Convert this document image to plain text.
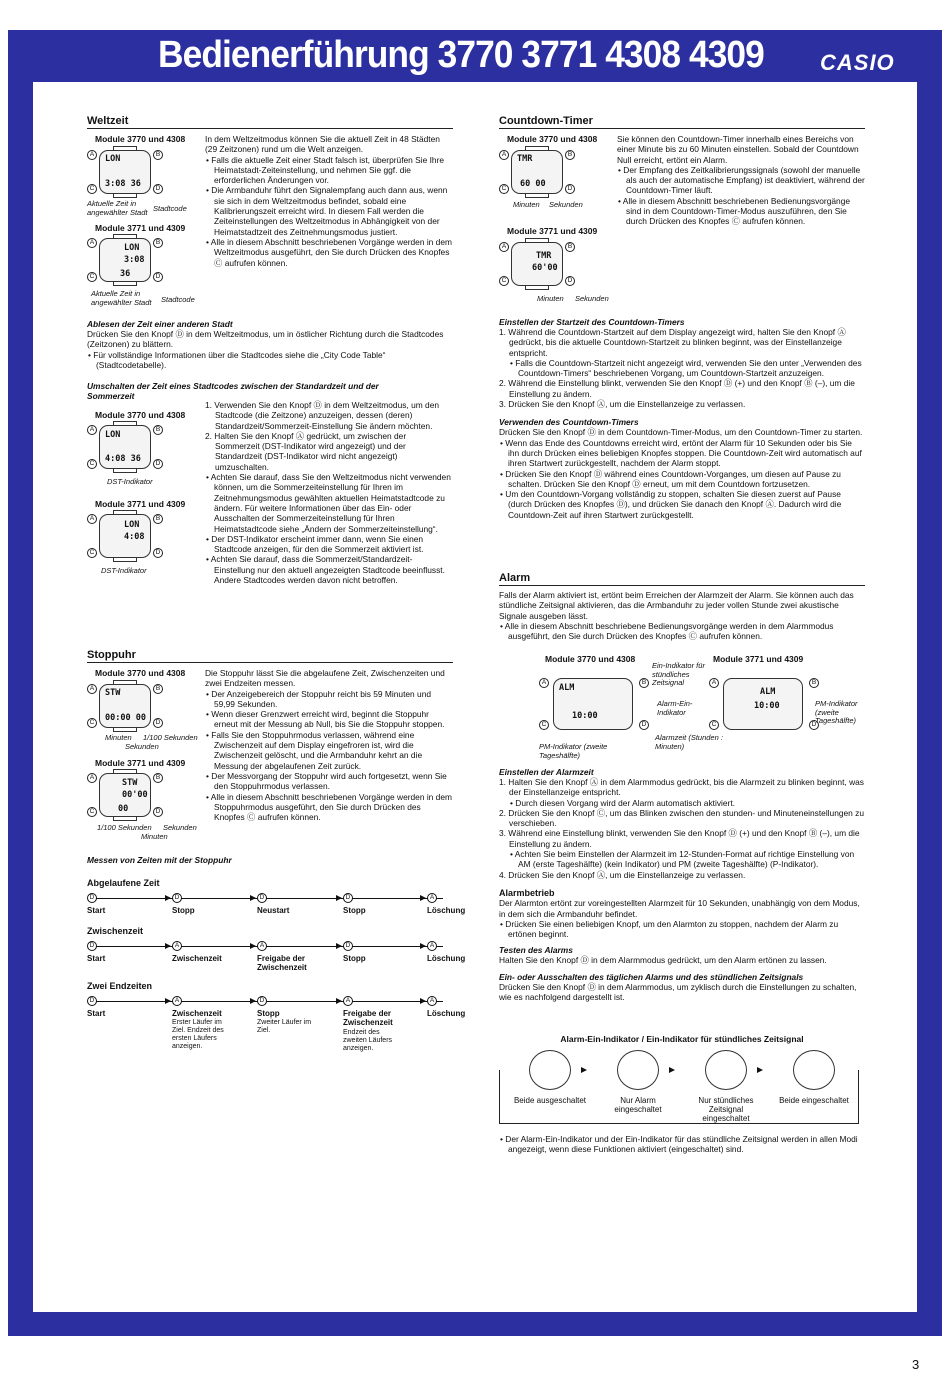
Bedienerführung 3770 3771 4308 4309	CASIO
Weltzeit
Module 3770 und 4308
LON
3:08 36
A	B
C	D
Aktuelle Zeit in angewählter Stadt Stadtcode
Module 3771 und 4309
LON
3:08
36
A	B
C	D
Aktuelle Zeit in angewählter Stadt	Stadtcode
In dem Weltzeitmodus können Sie die aktuell Zeit in 48 Städten (29 Zeitzonen) rund um die Welt anzeigen.
• Falls die aktuelle Zeit einer Stadt falsch ist, überprüfen Sie Ihre Heimatstadt-Zeiteinstellung, und nehmen Sie ggf. die erforderlichen Änderungen vor.
• Die Armbanduhr führt den Signalempfang auch dann aus, wenn sie sich in dem Weltzeitmodus befindet, sobald eine Kalibrierungszeit erreicht wird. In diesem Fall werden die Zeiteinstellungen des Weltzeitmodus in Abhängigkeit von der Heimatstadtzeit des Zeitnehmungsmodus justiert.
• Alle in diesem Abschnitt beschriebenen Vorgänge werden in dem Weltzeitmodus ausgeführt, den Sie durch Drücken des Knopfes Ⓒ aufrufen können.
Ablesen der Zeit einer anderen Stadt
Drücken Sie den Knopf Ⓓ in dem Weltzeitmodus, um in östlicher Richtung durch die Stadtcodes (Zeitzonen) zu blättern.
• Für vollständige Informationen über die Stadtcodes siehe die „City Code Table“ (Stadtcodetabelle).
Umschalten der Zeit eines Stadtcodes zwischen der Standardzeit und der Sommerzeit
Module 3770 und 4308
LON
4:08 36
A	B
C	D
DST-Indikator
Module 3771 und 4309
LON
4:08
A	B
C	D
DST-Indikator
1. Verwenden Sie den Knopf Ⓓ in dem Weltzeitmodus, um den Stadtcode (die Zeitzone) anzuzeigen, dessen (deren) Standardzeit/Sommerzeit-Einstellung Sie ändern möchten.
2. Halten Sie den Knopf Ⓐ gedrückt, um zwischen der Sommerzeit (DST-Indikator wird angezeigt) und der Standardzeit (DST-Indikator wird nicht angezeigt) umzuschalten.
• Achten Sie darauf, dass Sie den Weltzeitmodus nicht verwenden können, um die Sommerzeiteinstellung für Ihren im Zeitnehmungsmodus gewählten aktuellen Heimatstadtcode zu ändern. Für weitere Informationen über das Ein- oder Ausschalten der Sommerzeiteinstellung für Ihren Heimatstadtcode siehe „Ändern der Sommerzeiteinstellung“.
• Der DST-Indikator erscheint immer dann, wenn Sie einen Stadtcode anzeigen, für den die Sommerzeit aktiviert ist.
• Achten Sie darauf, dass die Sommerzeit/Standardzeit-Einstellung nur den aktuell angezeigten Stadtcode beeinflusst. Andere Stadtcodes werden davon nicht betroffen.
Stoppuhr
Module 3770 und 4308
STW
00:00 00
A	B
C	D
Minuten 1/100 Sekunden
Sekunden
Module 3771 und 4309
STW
00'00
00
A	B
C	D
1/100 Sekunden Sekunden
Minuten
Die Stoppuhr lässt Sie die abgelaufene Zeit, Zwischenzeiten und zwei Endzeiten messen.
• Der Anzeigebereich der Stoppuhr reicht bis 59 Minuten und 59,99 Sekunden.
• Wenn dieser Grenzwert erreicht wird, beginnt die Stoppuhr erneut mit der Messung ab Null, bis Sie die Stoppuhr stoppen.
• Falls Sie den Stoppuhrmodus verlassen, während eine Zwischenzeit auf dem Display eingefroren ist, wird die Zwischenzeit gelöscht, und die Armbanduhr kehrt an die Messung der abgelaufenen Zeit zurück.
• Der Messvorgang der Stoppuhr wird auch fortgesetzt, wenn Sie den Stoppuhrmodus verlassen.
• Alle in diesem Abschnitt beschriebenen Vorgänge werden in dem Stoppuhrmodus ausgeführt, den Sie durch Drücken des Knopfes Ⓒ aufrufen können.
Messen von Zeiten mit der Stoppuhr
Abgelaufene Zeit
D
Start
D
Stopp
D
Neustart
D
Stopp
A
Löschung
Zwischenzeit
D
Start
A
Zwischenzeit
A
Freigabe der Zwischenzeit
D
Stopp
A
Löschung
Zwei Endzeiten
D
Start
A
Zwischenzeit
D
Stopp
A
Freigabe der Zwischenzeit
A
Löschung
Erster Läufer im Ziel. Endzeit des ersten Läufers anzeigen.
Zweiter Läufer im Ziel.	Endzeit des zweiten Läufers anzeigen.
Countdown-Timer
Module 3770 und 4308
TMR
60 00
A	B
C	D
Minuten Sekunden
Module 3771 und 4309
TMR
60'00
A	B
C	D
Minuten Sekunden
Sie können den Countdown-Timer innerhalb eines Bereichs von einer Minute bis zu 60 Minuten einstellen. Sobald der Countdown Null erreicht, ertönt ein Alarm.
• Der Empfang des Zeitkalibrierungssignals (sowohl der manuelle als auch der automatische Empfang) ist deaktiviert, während der Countdown-Timer läuft.
• Alle in diesem Abschnitt beschriebenen Bedienungsvorgänge sind in dem Countdown-Timer-Modus auszuführen, den Sie durch Drücken des Knopfes Ⓒ aufrufen können.
Einstellen der Startzeit des Countdown-Timers
1. Während die Countdown-Startzeit auf dem Display angezeigt wird, halten Sie den Knopf Ⓐ gedrückt, bis die aktuelle Countdown-Startzeit zu blinken beginnt, was der Einstellanzeige entspricht.
• Falls die Countdown-Startzeit nicht angezeigt wird, verwenden Sie den unter „Verwenden des Countdown-Timers“ beschriebenen Vorgang, um Countdown-Startzeit anzuzeigen.
2. Während die Einstellung blinkt, verwenden Sie den Knopf Ⓓ (+) und den Knopf Ⓑ (–), um die Einstellung zu ändern.
3. Drücken Sie den Knopf Ⓐ, um die Einstellanzeige zu verlassen.
Verwenden des Countdown-Timers
Drücken Sie den Knopf Ⓓ in dem Countdown-Timer-Modus, um den Countdown-Timer zu starten.
• Wenn das Ende des Countdowns erreicht wird, ertönt der Alarm für 10 Sekunden oder bis Sie ihn durch Drücken eines beliebigen Knopfes stoppen. Die Countdown-Zeit wird automatisch auf ihren Startwert zurückgestellt, nachdem der Alarm stoppt.
• Drücken Sie den Knopf Ⓓ während eines Countdown-Vorganges, um diesen auf Pause zu schalten. Drücken Sie den Knopf Ⓓ erneut, um mit dem Countdown fortzusetzen.
• Um den Countdown-Vorgang vollständig zu stoppen, schalten Sie diesen zuerst auf Pause (durch Drücken des Knopfes Ⓓ), und drücken Sie danach den Knopf Ⓐ. Dadurch wird die Countdown-Zeit auf ihren Startwert zurückgestellt.
Alarm
Falls der Alarm aktiviert ist, ertönt beim Erreichen der Alarmzeit der Alarm. Sie können auch das stündliche Zeitsignal aktivieren, das die Armbanduhr zu jeder vollen Stunde zwei akustische Signale ausgeben lässt.
• Alle in diesem Abschnitt beschriebene Bedienungsvorgänge werden in dem Alarmmodus ausgeführt, den Sie durch Drücken des Knopfes Ⓒ aufrufen können.
Module 3770 und 4308	Module 3771 und 4309
ALM
10:00
A	B
C	D
ALM
10:00
A	B
C	D
Ein-Indikator für stündliches Zeitsignal
Alarm-Ein-Indikator
Alarmzeit (Stunden : Minuten)
PM-Indikator (zweite Tageshälfte)
PM-Indikator (zweite Tageshälfte)
Einstellen der Alarmzeit
1. Halten Sie den Knopf Ⓐ in dem Alarmmodus gedrückt, bis die Alarmzeit zu blinken beginnt, was der Einstellanzeige entspricht.
• Durch diesen Vorgang wird der Alarm automatisch aktiviert.
2. Drücken Sie den Knopf Ⓒ, um das Blinken zwischen den stunden- und Minuteneinstellungen zu verschieben.
3. Während eine Einstellung blinkt, verwenden Sie den Knopf Ⓓ (+) und den Knopf Ⓑ (–), um die Einstellung zu ändern.
• Achten Sie beim Einstellen der Alarmzeit im 12-Stunden-Format auf richtige Einstellung von AM (erste Tageshälfte) (kein Indikator) und PM (zweite Tageshälfte) (P-Indikator).
4. Drücken Sie den Knopf Ⓐ, um die Einstellanzeige zu verlassen.
Alarmbetrieb
Der Alarmton ertönt zur voreingestellten Alarmzeit für 10 Sekunden, unabhängig von dem Modus, in dem sich die Armbanduhr befindet.
• Drücken Sie einen beliebigen Knopf, um den Alarmton zu stoppen, nachdem der Alarm zu ertönen beginnt.
Testen des Alarms
Halten Sie den Knopf Ⓓ in dem Alarmmodus gedrückt, um den Alarm ertönen zu lassen.
Ein- oder Ausschalten des täglichen Alarms und des stündlichen Zeitsignals
Drücken Sie den Knopf Ⓓ in dem Alarmmodus, um zyklisch durch die Einstellungen zu schalten, wie es nachfolgend dargestellt ist.
Alarm-Ein-Indikator / Ein-Indikator für stündliches Zeitsignal
Beide ausgeschaltet	Nur Alarm eingeschaltet
Nur stündliches Zeitsignal eingeschaltet
Beide eingeschaltet
• Der Alarm-Ein-Indikator und der Ein-Indikator für das stündliche Zeitsignal werden in allen Modi angezeigt, wenn diese Funktionen aktiviert (eingeschaltet) sind.
3
